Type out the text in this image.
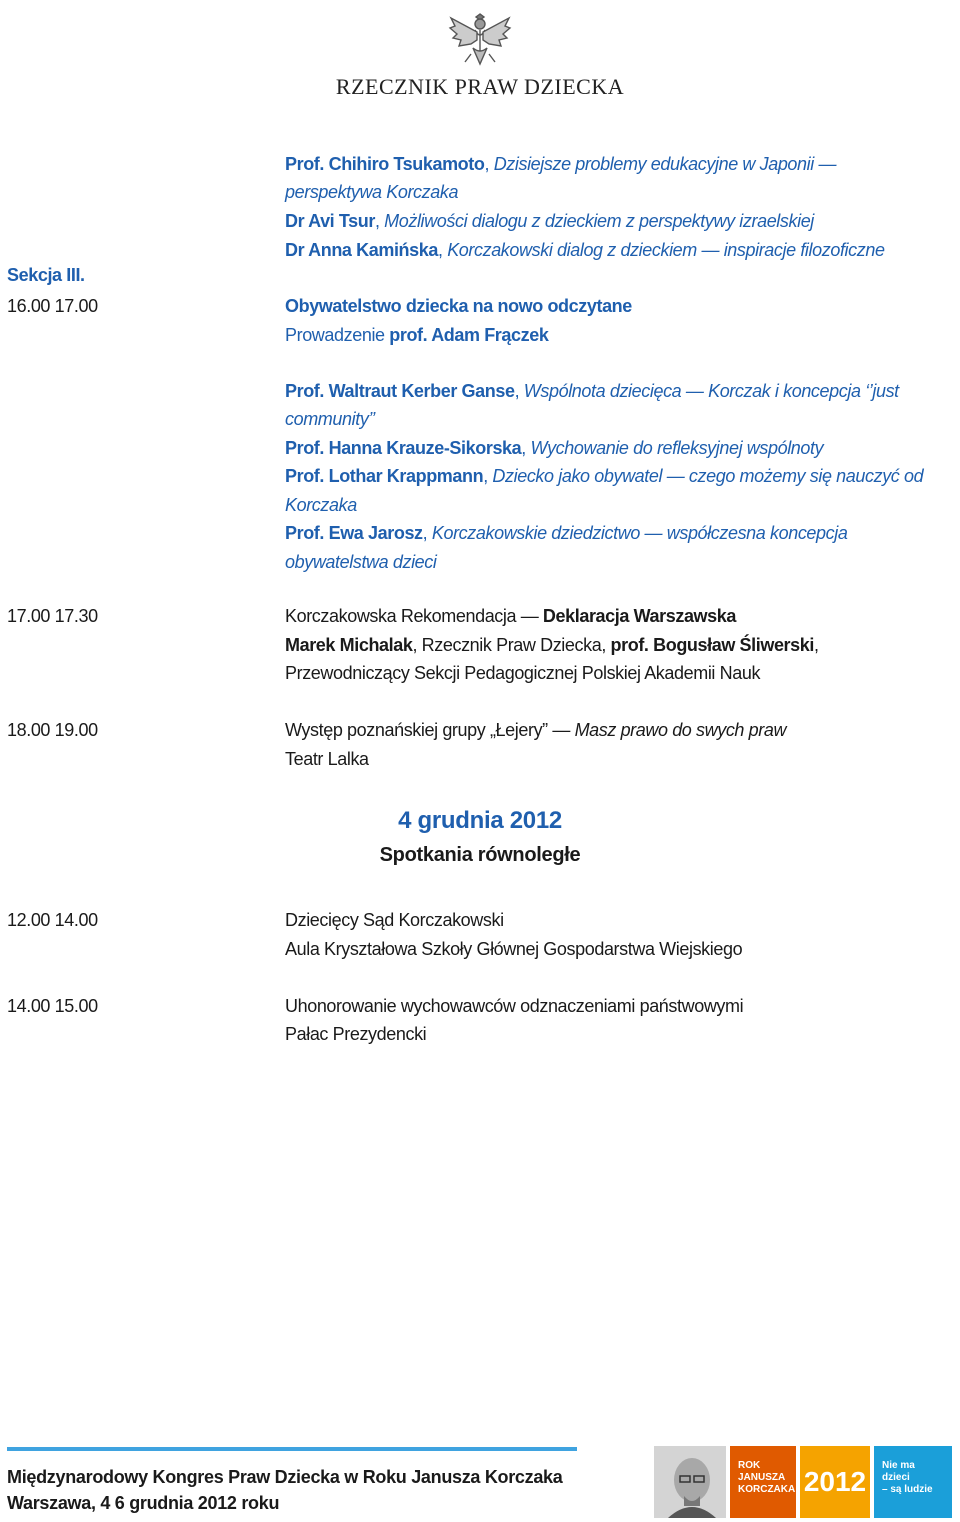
RZECZNIK PRAW DZIECKA
Sekcja III.
16.00 17.00
17.00 17.30
18.00 19.00
12.00 14.00
14.00 15.00
Prof. Chihiro Tsukamoto, Dzisiejsze problemy edukacyjne w Japonii —
perspektywa Korczaka
Dr Avi Tsur, Możliwości dialogu z dzieckiem z perspektywy izraelskiej
Dr Anna Kamińska, Korczakowski dialog z dzieckiem — inspiracje filozoficzne
Obywatelstwo dziecka na nowo odczytane
Prowadzenie prof. Adam Frączek
Prof. Waltraut Kerber Ganse, Wspólnota dziecięca — Korczak i koncepcja ‘’just
community’’
Prof. Hanna Krauze-Sikorska, Wychowanie do refleksyjnej wspólnoty
Prof. Lothar Krappmann, Dziecko jako obywatel — czego możemy się nauczyć od
Korczaka
Prof. Ewa Jarosz, Korczakowskie dziedzictwo — współczesna koncepcja
obywatelstwa dzieci
Korczakowska Rekomendacja — Deklaracja Warszawska
Marek Michalak, Rzecznik Praw Dziecka, prof. Bogusław Śliwerski,
Przewodniczący Sekcji Pedagogicznej Polskiej Akademii Nauk
Występ poznańskiej grupy „Łejery” — Masz prawo do swych praw
Teatr Lalka
4 grudnia 2012
Spotkania równoległe
Dziecięcy Sąd Korczakowski
Aula Kryształowa Szkoły Głównej Gospodarstwa Wiejskiego
Uhonorowanie wychowawców odznaczeniami państwowymi
Pałac Prezydencki
Międzynarodowy Kongres Praw Dziecka w Roku Janusza Korczaka
Warszawa, 4 6 grudnia 2012 roku
ROK
JANUSZA
KORCZAKA 2012
Nie ma
dzieci
– są ludzie
